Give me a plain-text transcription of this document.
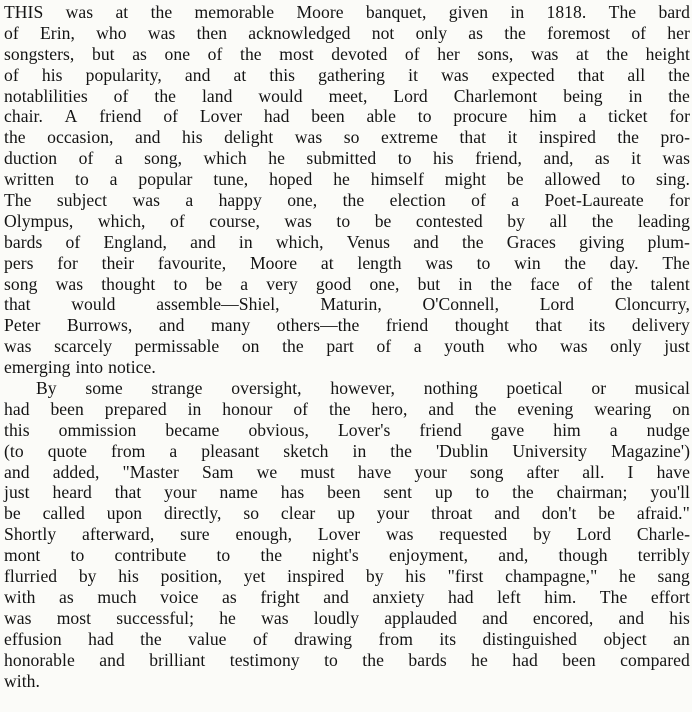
THIS was at the memorable Moore banquet, given in 1818. The bard
of Erin, who was then acknowledged not only as the foremost of her
songsters, but as one of the most devoted of her sons, was at the height
of his popularity, and at this gathering it was expected that all the
notablilities of the land would meet, Lord Charlemont being in the
chair. A friend of Lover had been able to procure him a ticket for
the occasion, and his delight was so extreme that it inspired the pro-
duction of a song, which he submitted to his friend, and, as it was
written to a popular tune, hoped he himself might be allowed to sing.
The subject was a happy one, the election of a Poet-Laureate for
Olympus, which, of course, was to be contested by all the leading
bards of England, and in which, Venus and the Graces giving plum-
pers for their favourite, Moore at length was to win the day. The
song was thought to be a very good one, but in the face of the talent
that would assemble—Shiel, Maturin, O'Connell, Lord Cloncurry,
Peter Burrows, and many others—the friend thought that its delivery
was scarcely permissable on the part of a youth who was only just
emerging into notice.
By some strange oversight, however, nothing poetical or musical
had been prepared in honour of the hero, and the evening wearing on
this ommission became obvious, Lover's friend gave him a nudge
(to quote from a pleasant sketch in the 'Dublin University Magazine')
and added, "Master Sam we must have your song after all. I have
just heard that your name has been sent up to the chairman; you'll
be called upon directly, so clear up your throat and don't be afraid."
Shortly afterward, sure enough, Lover was requested by Lord Charle-
mont to contribute to the night's enjoyment, and, though terribly
flurried by his position, yet inspired by his "first champagne," he sang
with as much voice as fright and anxiety had left him. The effort
was most successful; he was loudly applauded and encored, and his
effusion had the value of drawing from its distinguished object an
honorable and brilliant testimony to the bards he had been compared
with.
